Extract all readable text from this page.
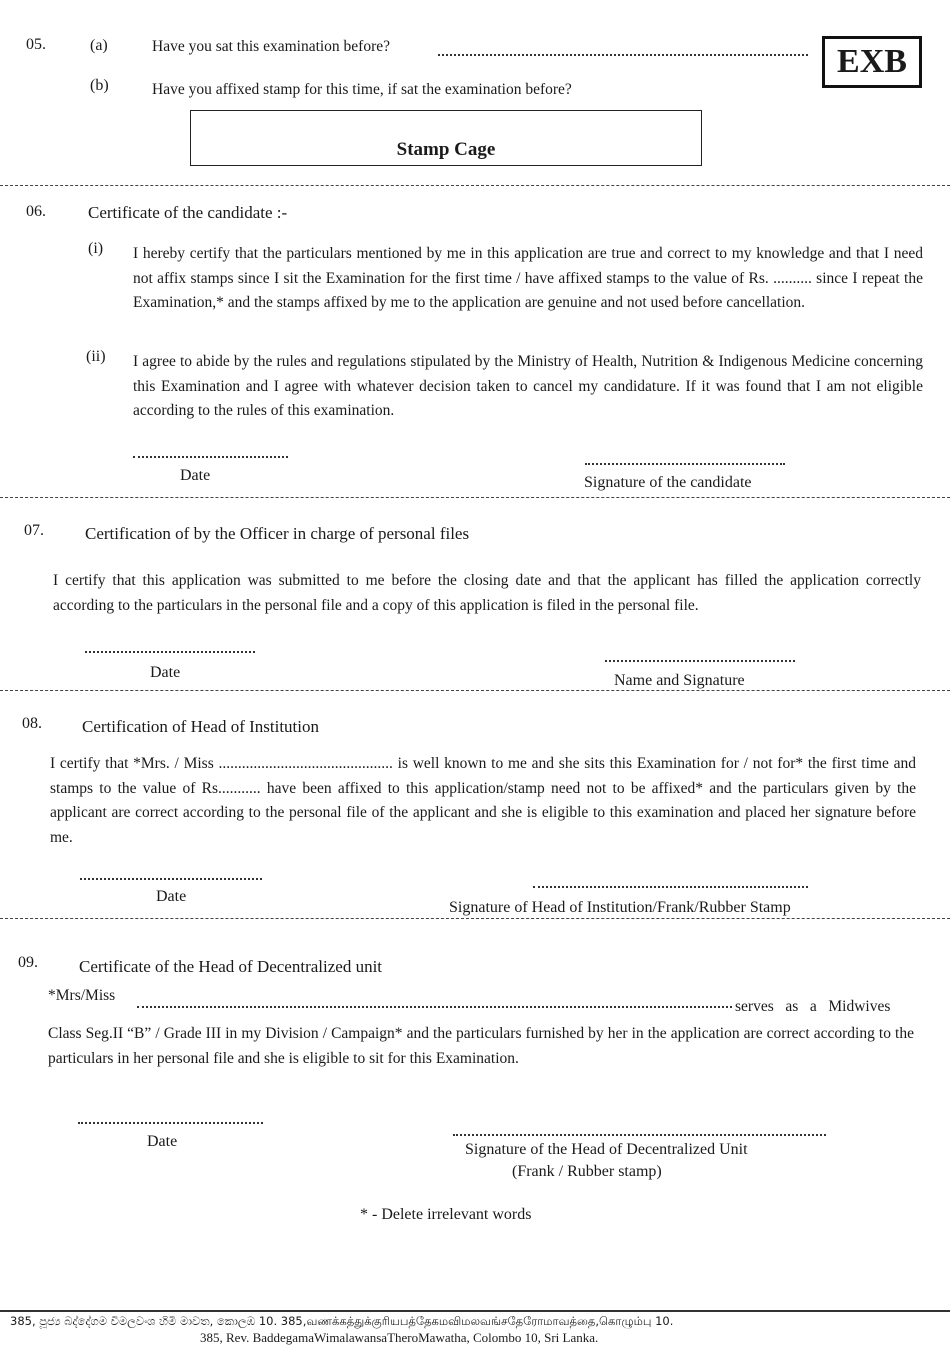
EXB
05.	(a)	Have you sat this examination before?
(b)	Have you affixed stamp for this time, if sat the examination before?
Stamp Cage
06. Certificate of the candidate :-
(i) I hereby certify that the particulars mentioned by me in this application are true and correct to my knowledge and that I need not affix stamps since I sit the Examination for the first time / have affixed stamps to the value of Rs. .......... since I repeat the Examination,* and the stamps affixed by me to the application are genuine and not used before cancellation.
(ii) I agree to abide by the rules and regulations stipulated by the Ministry of Health, Nutrition & Indigenous Medicine concerning this Examination and I agree with whatever decision taken to cancel my candidature. If it was found that I am not eligible according to the rules of this examination.
Date	Signature of the candidate
07. Certification of by the Officer in charge of personal files
I certify that this application was submitted to me before the closing date and that the applicant has filled the application correctly according to the particulars in the personal file and a copy of this application is filed in the personal file.
Date	Name and Signature
08. Certification of Head of Institution
I certify that *Mrs. / Miss ............................................. is well known to me and she sits this Examination for / not for* the first time and stamps to the value of Rs........... have been affixed to this application/stamp need not to be affixed* and the particulars given by the applicant are correct according to the personal file of the applicant and she is eligible to this examination and placed her signature before me.
Date
Signature of Head of Institution/Frank/Rubber Stamp
09. Certificate of the Head of Decentralized unit
*Mrs/Miss
serves   as   a   Midwives
Class Seg.II “B” / Grade III in my Division / Campaign* and the particulars furnished by her in the application are correct according to the particulars in her personal file and she is eligible to sit for this Examination.
Date	Signature of the Head of Decentralized Unit
(Frank / Rubber stamp)
* - Delete irrelevant words
385, පූජ්‍ය බද්දේගම විමලවංශ හිමි මාවත, කොලඹ 10. 385,வணக்கத்துக்குரியபத்தேகமவிமலவங்சதேரோமாவத்தை,கொழும்பு 10.
385, Rev. BaddegamaWimalawansaTheroMawatha, Colombo 10, Sri Lanka.
